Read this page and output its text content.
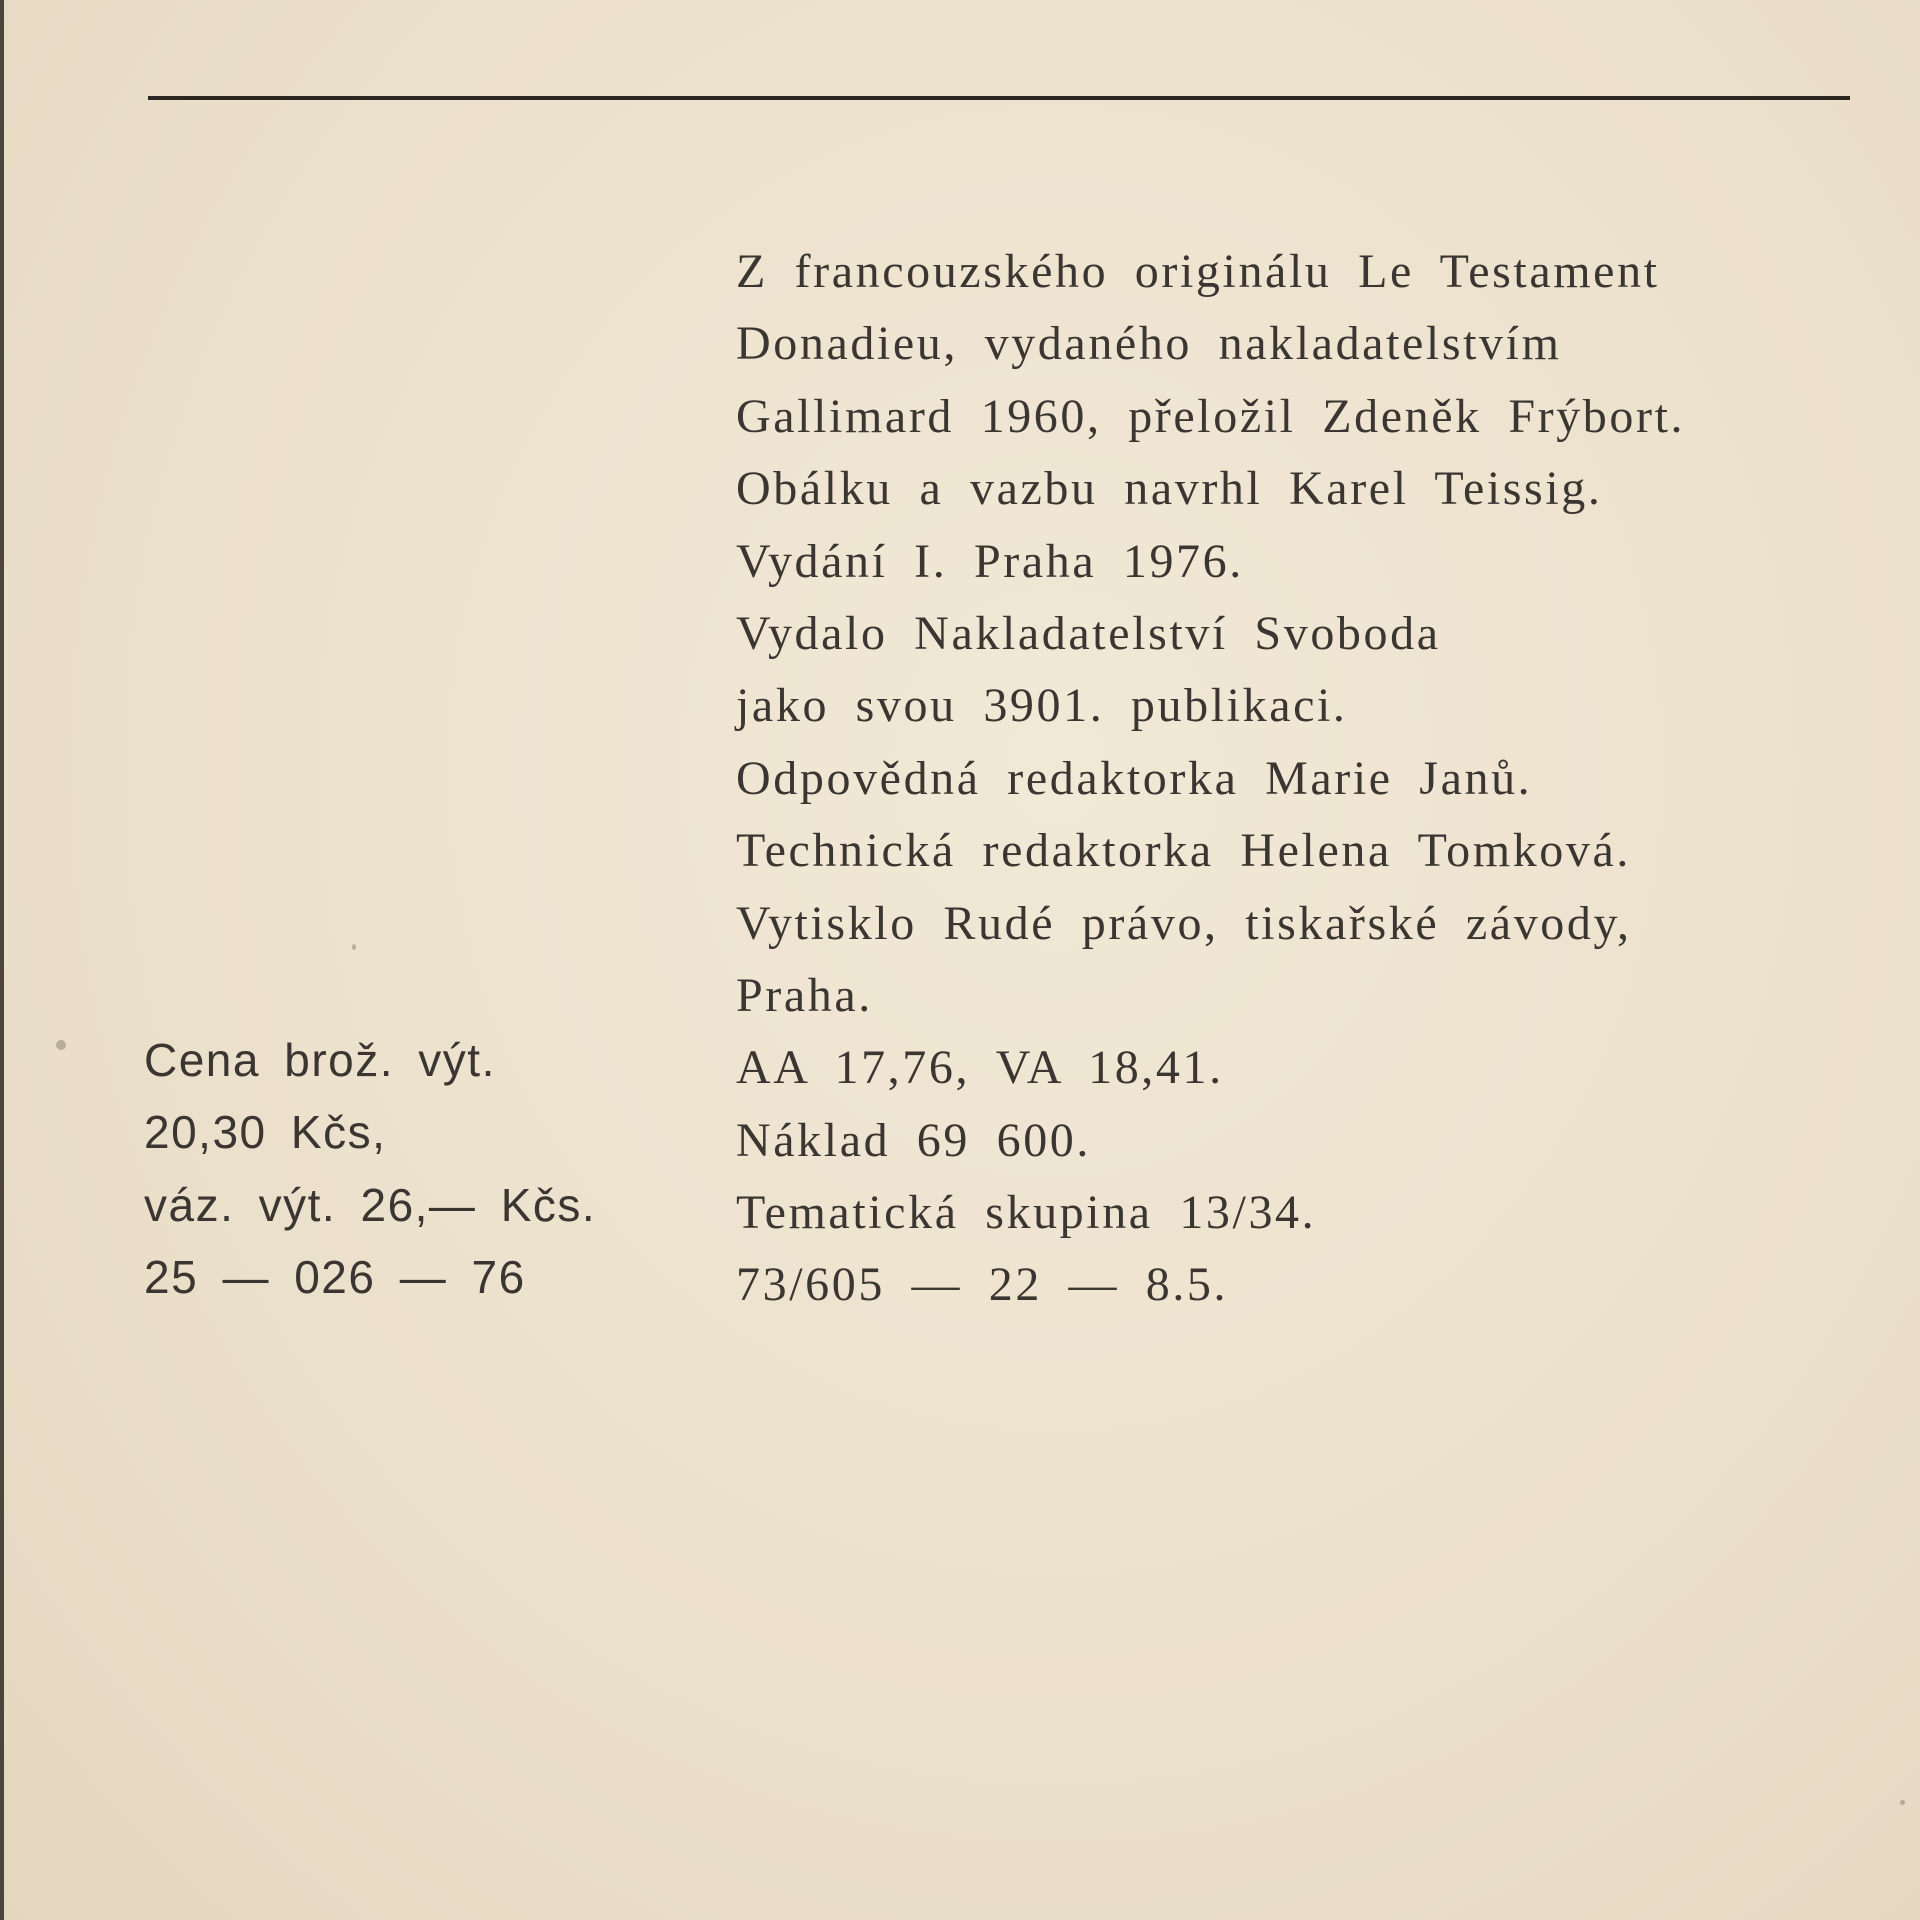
Z francouzského originálu Le Testament
Donadieu, vydaného nakladatelstvím
Gallimard 1960, přeložil Zdeněk Frýbort.
Obálku a vazbu navrhl Karel Teissig.
Vydání I. Praha 1976.
Vydalo Nakladatelství Svoboda
jako svou 3901. publikaci.
Odpovědná redaktorka Marie Janů.
Technická redaktorka Helena Tomková.
Vytisklo Rudé právo, tiskařské závody,
Praha.
AA 17,76, VA 18,41.
Náklad 69 600.
Tematická skupina 13/34.
73/605 — 22 — 8.5.
Cena brož. výt.
20,30 Kčs,
váz. výt. 26,— Kčs.
25 — 026 — 76
